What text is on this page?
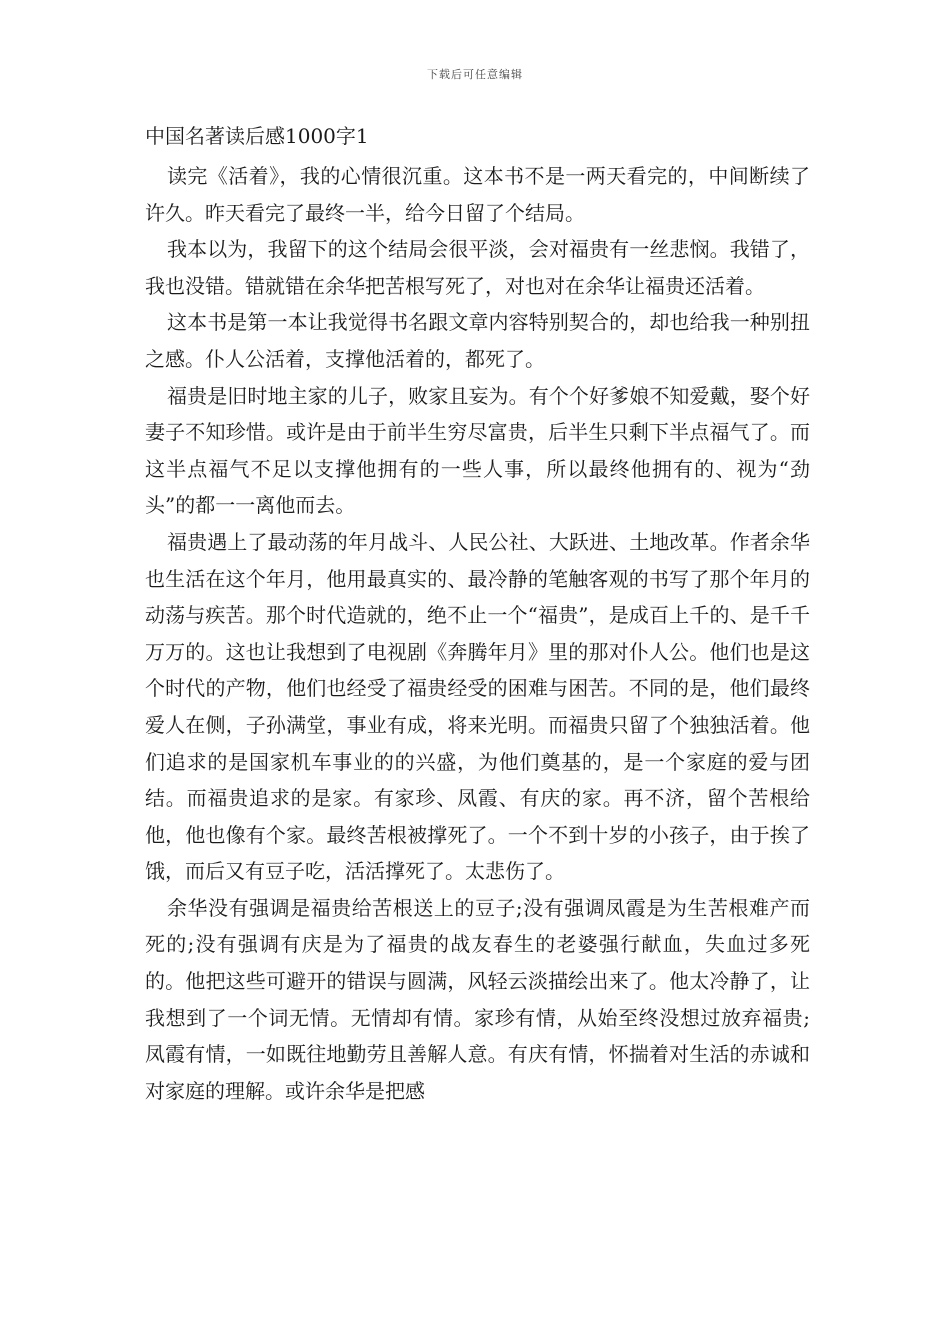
下载后可任意编辑
中国名著读后感1000字1

读完《活着》，我的心情很沉重。这本书不是一两天看完的，中间断续了许久。昨天看完了最终一半，给今日留了个结局。

我本以为，我留下的这个结局会很平淡，会对福贵有一丝悲悯。我错了，我也没错。错就错在余华把苦根写死了，对也对在余华让福贵还活着。

这本书是第一本让我觉得书名跟文章内容特别契合的，却也给我一种别扭之感。仆人公活着，支撑他活着的，都死了。

福贵是旧时地主家的儿子，败家且妄为。有个个好爹娘不知爱戴，娶个好妻子不知珍惜。或许是由于前半生穷尽富贵，后半生只剩下半点福气了。而这半点福气不足以支撑他拥有的一些人事，所以最终他拥有的、视为“劲头”的都一一离他而去。

福贵遇上了最动荡的年月战斗、人民公社、大跃进、土地改革。作者余华也生活在这个年月，他用最真实的、最冷静的笔触客观的书写了那个年月的动荡与疾苦。那个时代造就的，绝不止一个“福贵”，是成百上千的、是千千万万的。这也让我想到了电视剧《奔腾年月》里的那对仆人公。他们也是这个时代的产物，他们也经受了福贵经受的困难与困苦。不同的是，他们最终爱人在侧，子孙满堂，事业有成，将来光明。而福贵只留了个独独活着。他们追求的是国家机车事业的的兴盛，为他们奠基的，是一个家庭的爱与团结。而福贵追求的是家。有家珍、凤霞、有庆的家。再不济，留个苦根给他，他也像有个家。最终苦根被撑死了。一个不到十岁的小孩子，由于挨了饿，而后又有豆子吃，活活撑死了。太悲伤了。

余华没有强调是福贵给苦根送上的豆子;没有强调凤霞是为生苦根难产而死的;没有强调有庆是为了福贵的战友春生的老婆强行献血，失血过多死的。他把这些可避开的错误与圆满，风轻云淡描绘出来了。他太冷静了，让我想到了一个词无情。无情却有情。家珍有情，从始至终没想过放弃福贵;凤霞有情，一如既往地勤劳且善解人意。有庆有情，怀揣着对生活的赤诚和对家庭的理解。或许余华是把感
